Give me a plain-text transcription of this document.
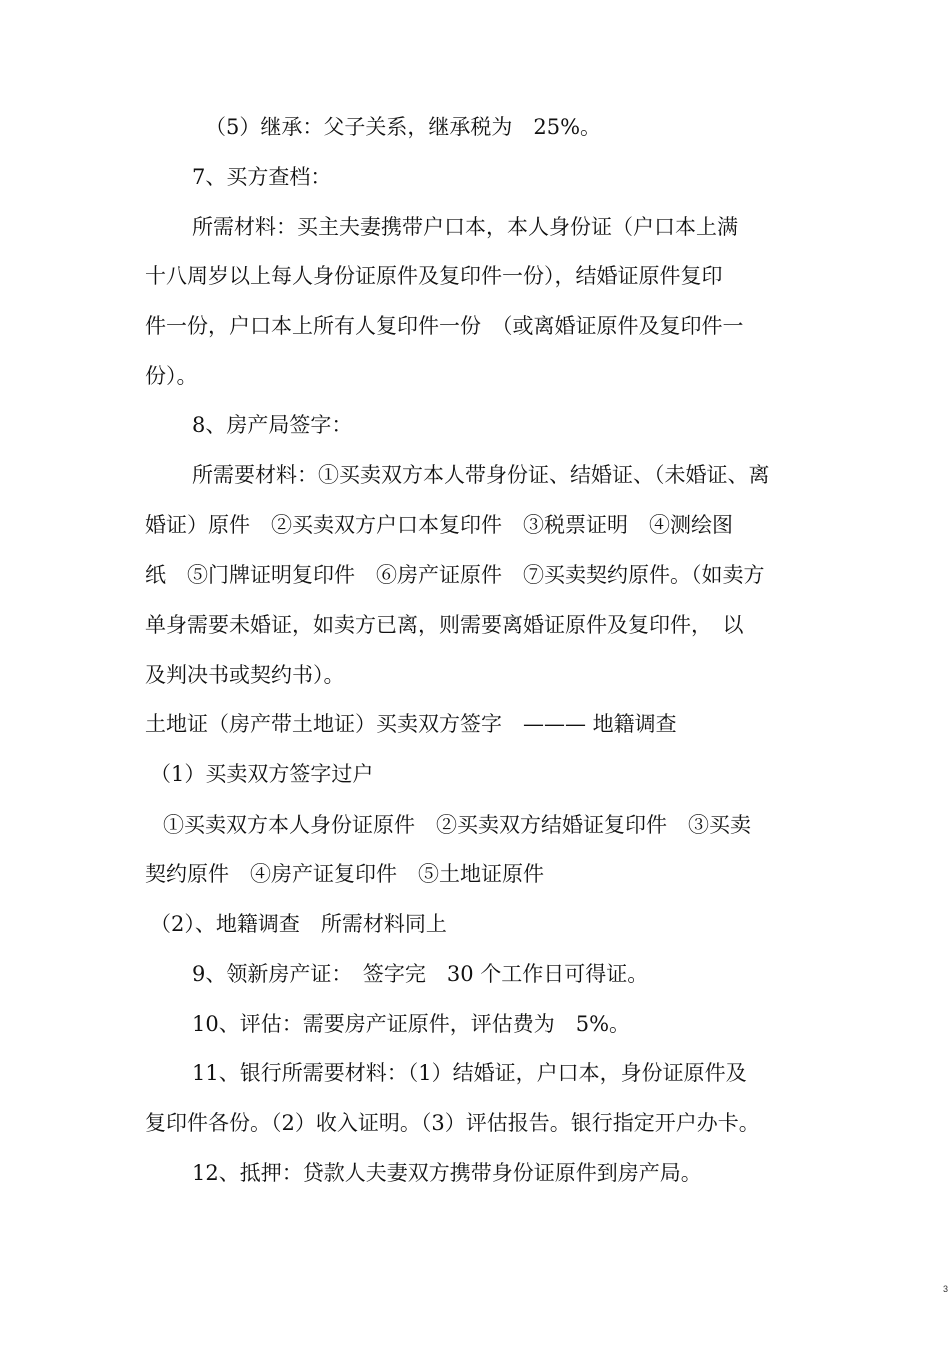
（5）继承：父子关系，继承税为　25%。

7、买方查档：

所需材料：买主夫妻携带户口本，本人身份证（户口本上满

十八周岁以上每人身份证原件及复印件一份），结婚证原件复印

件一份，户口本上所有人复印件一份　（或离婚证原件及复印件一

份）。

8、房产局签字：

所需要材料：①买卖双方本人带身份证、结婚证、（未婚证、离

婚证）原件　②买卖双方户口本复印件　③税票证明　④测绘图

纸　⑤门牌证明复印件　⑥房产证原件　⑦买卖契约原件。（如卖方

单身需要未婚证，如卖方已离，则需要离婚证原件及复印件，　以

及判决书或契约书）。

土地证（房产带土地证）买卖双方签字　——— 地籍调查

（1）买卖双方签字过户

①买卖双方本人身份证原件　②买卖双方结婚证复印件　③买卖

契约原件　④房产证复印件　⑤土地证原件

（2）、地籍调查　所需材料同上

9、领新房产证：　签字完　30 个工作日可得证。

10、评估：需要房产证原件，评估费为　5%。

11、银行所需要材料：（1）结婚证，户口本，身份证原件及

复印件各份。（2）收入证明。（3）评估报告。银行指定开户办卡。

12、抵押：贷款人夫妻双方携带身份证原件到房产局。

3
